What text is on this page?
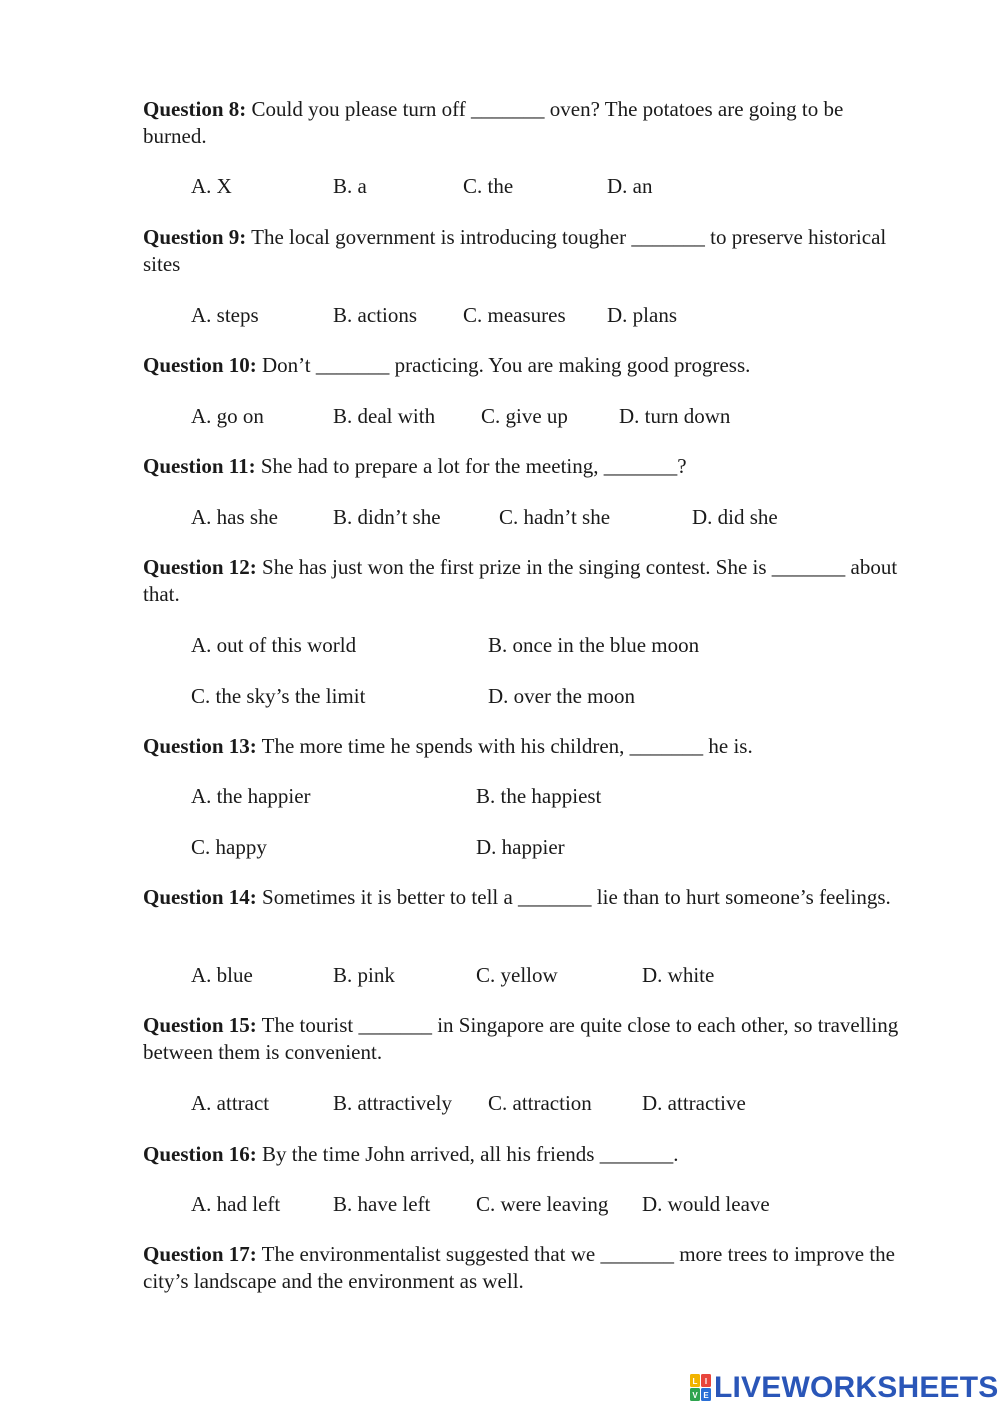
Question 8: Could you please turn off _______ oven? The potatoes are going to be burned.
A. X	B. a	C. the	D. an
Question 9: The local government is introducing tougher _______ to preserve historical sites
A. steps	B. actions C. measures D. plans
Question 10: Don’t _______ practicing. You are making good progress.
A. go on	B. deal with C. give up D. turn down
Question 11: She had to prepare a lot for the meeting, _______?
A. has she	B. didn’t she	C. hadn’t she	D. did she
Question 12: She has just won the first prize in the singing contest. She is _______ about that.
A. out of this world	B. once in the blue moon
C. the sky’s the limit	D. over the moon
Question 13: The more time he spends with his children, _______ he is.
A. the happier	B. the happiest
C. happy	D. happier
Question 14: Sometimes it is better to tell a _______ lie than to hurt someone’s feelings.
A. blue	B. pink	C. yellow	D. white
Question 15: The tourist _______ in Singapore are quite close to each other, so travelling between them is convenient.
A. attract	B. attractively C. attraction D. attractive
Question 16: By the time John arrived, all his friends _______.
A. had left	B. have left C. were leaving D. would leave
Question 17: The environmentalist suggested that we _______ more trees to improve the city’s landscape and the environment as well.
L I
V E LIVEWORKSHEETS
